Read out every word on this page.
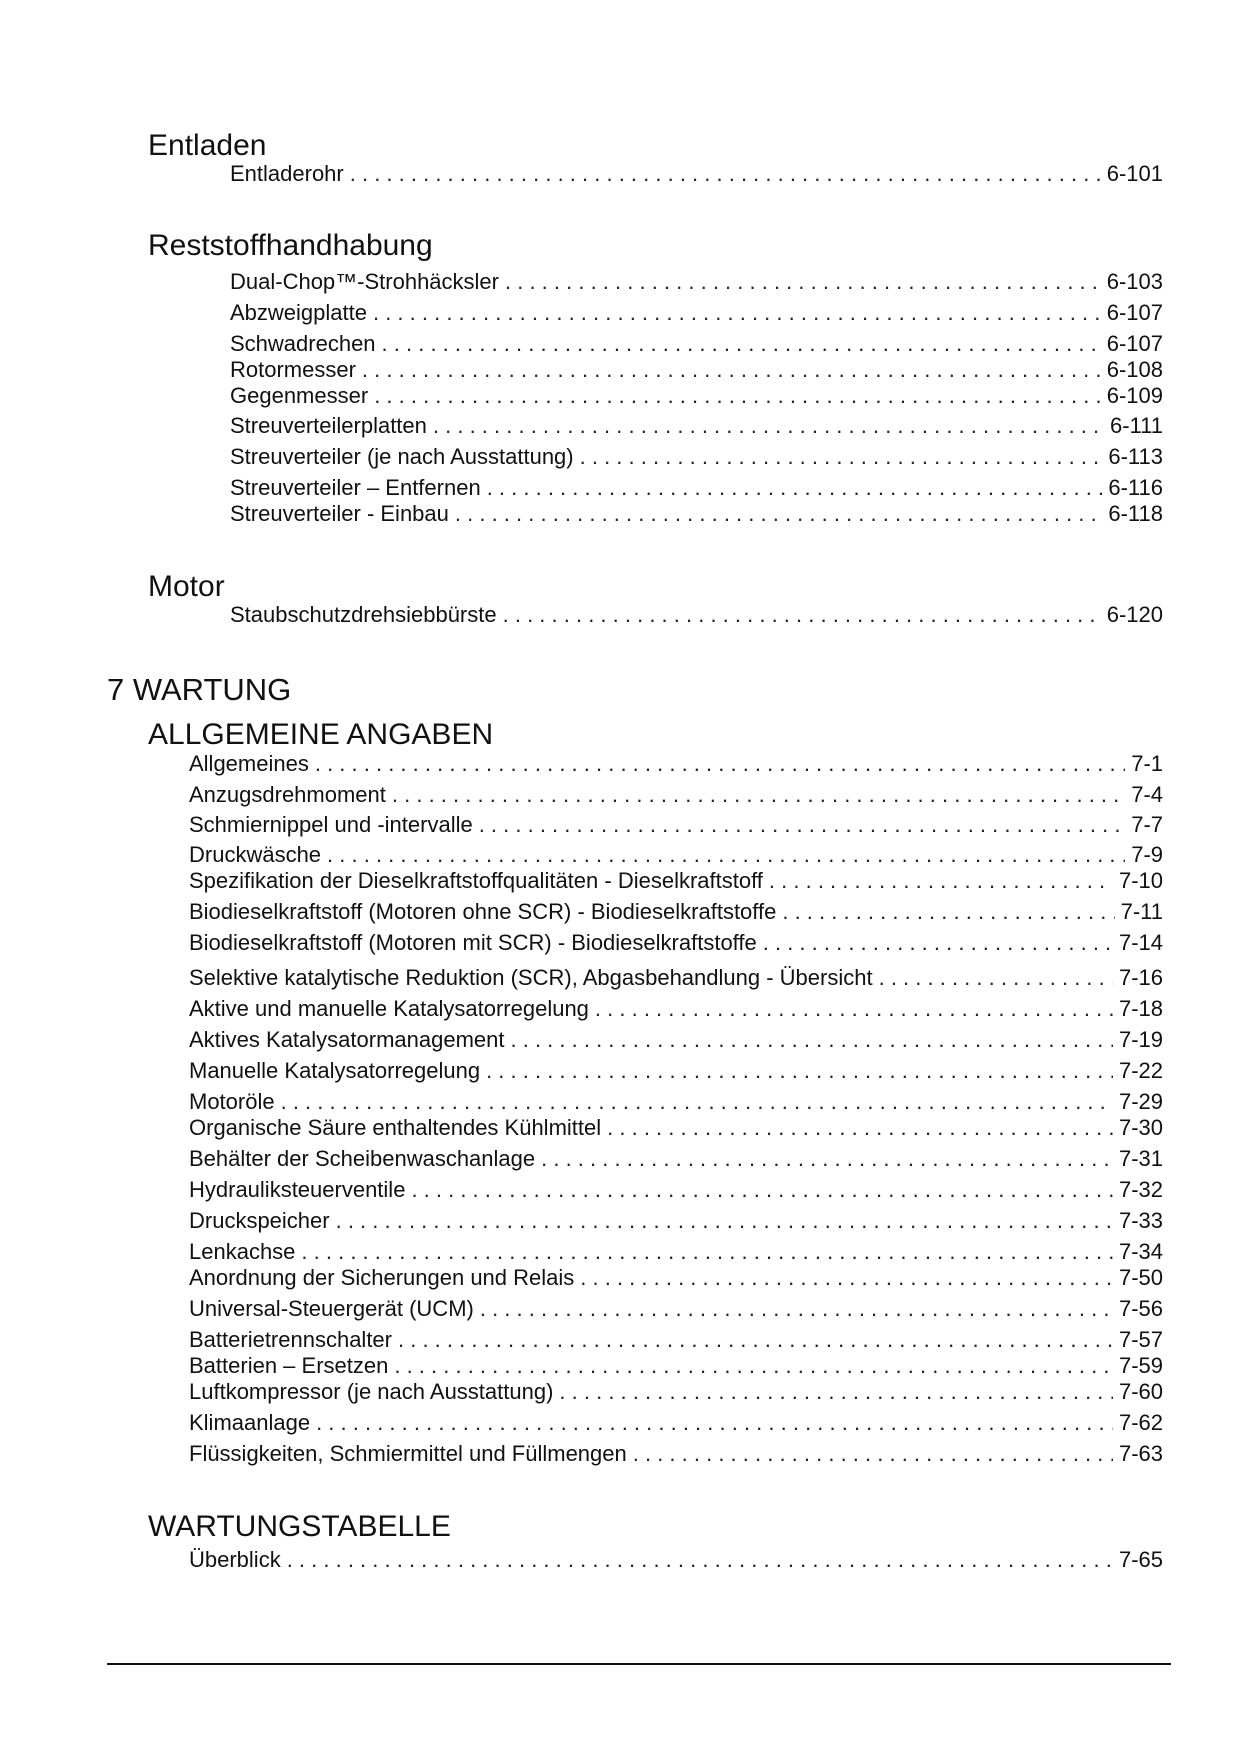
Entladen
Entladerohr . . .	6-101
Reststoffhandhabung
Dual-Chop™-Strohhäcksler . . .	6-103
Abzweigplatte . . .	6-107
Schwadrechen . . .	6-107
Rotormesser . . .	6-108
Gegenmesser . . .	6-109
Streuverteilerplatten . . .	6-111
Streuverteiler (je nach Ausstattung) . . .	6-113
Streuverteiler – Entfernen . . .	6-116
Streuverteiler - Einbau . . .	6-118
Motor
Staubschutzdrehsiebbürste . . .	6-120
7 WARTUNG
ALLGEMEINE ANGABEN
Allgemeines . . .	7-1
Anzugsdrehmoment . . .	7-4
Schmiernippel und -intervalle . . .	7-7
Druckwäsche . . .	7-9
Spezifikation der Dieselkraftstoffqualitäten - Dieselkraftstoff . . .	7-10
Biodieselkraftstoff (Motoren ohne SCR) - Biodieselkraftstoffe . . .	7-11
Biodieselkraftstoff (Motoren mit SCR) - Biodieselkraftstoffe . . .	7-14
Selektive katalytische Reduktion (SCR), Abgasbehandlung - Übersicht . . .	7-16
Aktive und manuelle Katalysatorregelung . . .	7-18
Aktives Katalysatormanagement . . .	7-19
Manuelle Katalysatorregelung . . .	7-22
Motoröle . . .	7-29
Organische Säure enthaltendes Kühlmittel . . .	7-30
Behälter der Scheibenwaschanlage . . .	7-31
Hydrauliksteuerventile . . .	7-32
Druckspeicher . . .	7-33
Lenkachse . . .	7-34
Anordnung der Sicherungen und Relais . . .	7-50
Universal-Steuergerät (UCM) . . .	7-56
Batterietrennschalter . . .	7-57
Batterien – Ersetzen . . .	7-59
Luftkompressor (je nach Ausstattung) . . .	7-60
Klimaanlage . . .	7-62
Flüssigkeiten, Schmiermittel und Füllmengen . . .	7-63
WARTUNGSTABELLE
Überblick . . .	7-65
